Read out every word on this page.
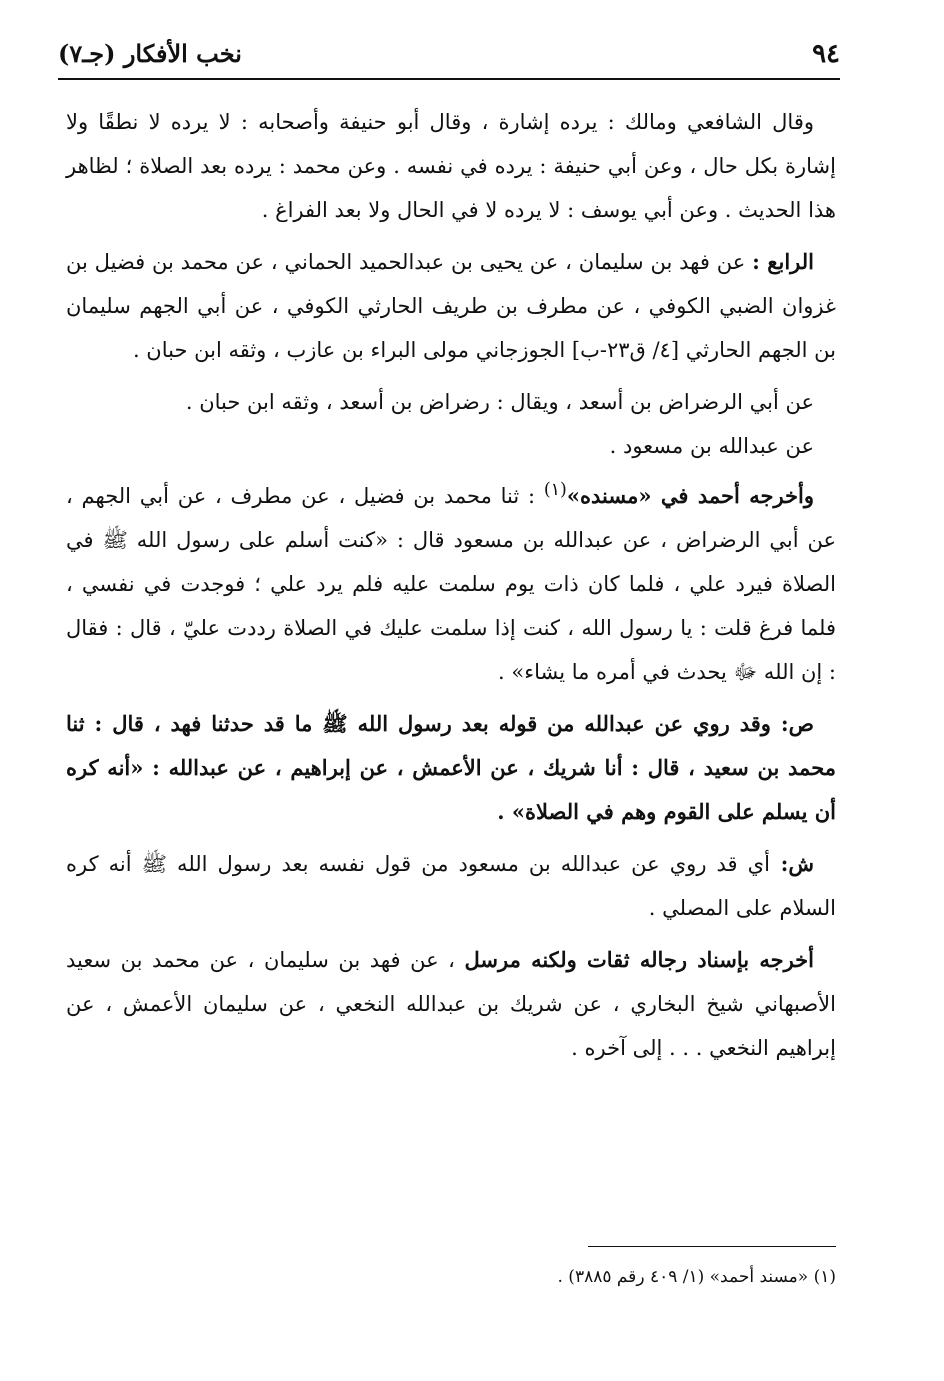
٩٤
نخب الأفكار (جـ٧)

وقال الشافعي ومالك : يرده إشارة ، وقال أبو حنيفة وأصحابه : لا يرده لا نطقًا ولا إشارة بكل حال ، وعن أبي حنيفة : يرده في نفسه . وعن محمد : يرده بعد الصلاة ؛ لظاهر هذا الحديث . وعن أبي يوسف : لا يرده لا في الحال ولا بعد الفراغ .

الرابع : عن فهد بن سليمان ، عن يحيى بن عبدالحميد الحماني ، عن محمد بن فضيل بن غزوان الضبي الكوفي ، عن مطرف بن طريف الحارثي الكوفي ، عن أبي الجهم سليمان بن الجهم الحارثي [٤/ ق٢٣-ب] الجوزجاني مولى البراء بن عازب ، وثقه ابن حبان .

عن أبي الرضراض بن أسعد ، ويقال : رضراض بن أسعد ، وثقه ابن حبان .

عن عبدالله بن مسعود .

وأخرجه أحمد في «مسنده»$^{(١)}$ : ثنا محمد بن فضيل ، عن مطرف ، عن أبي الجهم ، عن أبي الرضراض ، عن عبدالله بن مسعود قال : «كنت أسلم على رسول الله ﷺ في الصلاة فيرد علي ، فلما كان ذات يوم سلمت عليه فلم يرد علي ؛ فوجدت في نفسي ، فلما فرغ قلت : يا رسول الله ، كنت إذا سلمت عليك في الصلاة رددت عليّ ، قال : فقال : إن الله ﷻ يحدث في أمره ما يشاء» .

ص: وقد روي عن عبدالله من قوله بعد رسول الله ﷺ ما قد حدثنا فهد ، قال : ثنا محمد بن سعيد ، قال : أنا شريك ، عن الأعمش ، عن إبراهيم ، عن عبدالله : «أنه كره أن يسلم على القوم وهم في الصلاة» .

ش: أي قد روي عن عبدالله بن مسعود من قول نفسه بعد رسول الله ﷺ أنه كره السلام على المصلي .

أخرجه بإسناد رجاله ثقات ولكنه مرسل ، عن فهد بن سليمان ، عن محمد بن سعيد الأصبهاني شيخ البخاري ، عن شريك بن عبدالله النخعي ، عن سليمان الأعمش ، عن إبراهيم النخعي . . . إلى آخره .

(١) «مسند أحمد» (١/ ٤٠٩ رقم ٣٨٨٥) .
